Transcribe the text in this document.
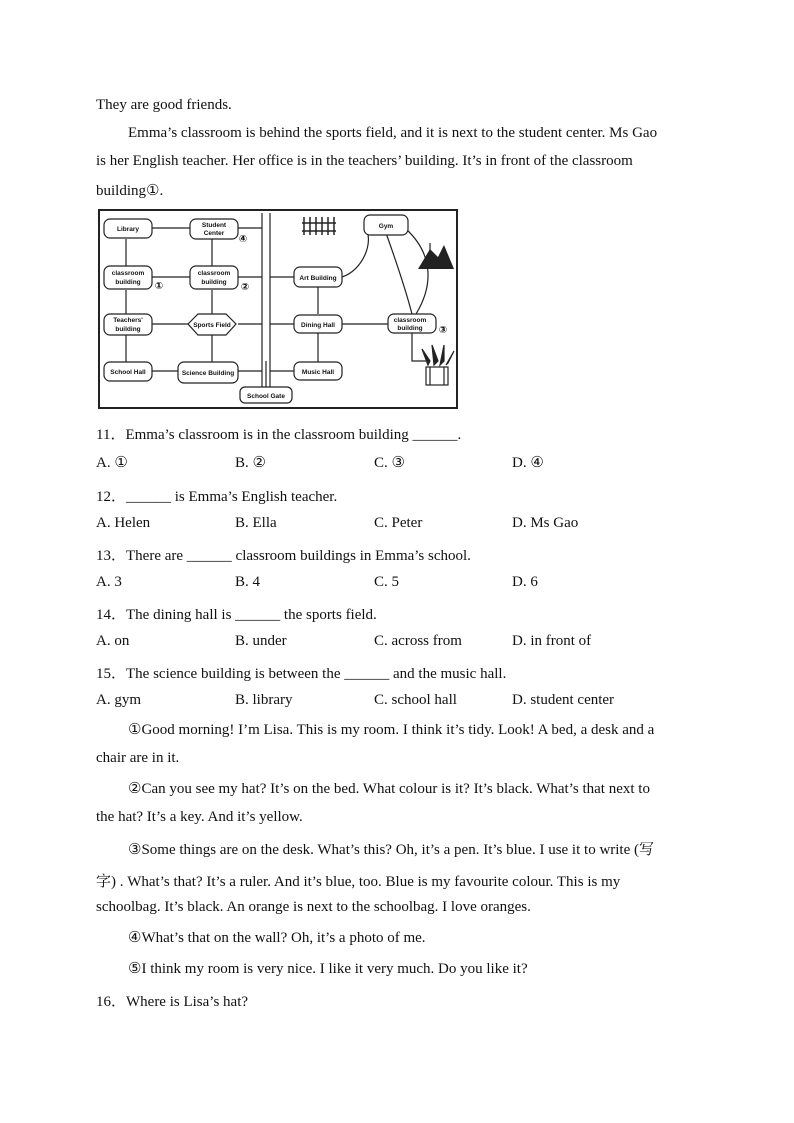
They are good friends.
Emma’s classroom is behind the sports field, and it is next to the student center. Ms Gao
is her English teacher. Her office is in the teachers’ building. It’s in front of the classroom
building①.
Library
Student
Center
classroom
building
classroom
building
Teachers'
building
Sports Field
School Hall	Science Building
School Gate
Art Building
Dining Hall
Music Hall
Gym
classroom
building
①	②
③
④
11．Emma’s classroom is in the classroom building ______.
A. ①	B. ②	C. ③	D. ④
12．______ is Emma’s English teacher.
A. Helen	B. Ella	C. Peter	D. Ms Gao
13．There are ______ classroom buildings in Emma’s school.
A. 3	B. 4	C. 5	D. 6
14．The dining hall is ______ the sports field.
A. on	B. under	C. across from	D. in front of
15．The science building is between the ______ and the music hall.
A. gym	B. library	C. school hall	D. student center
①Good morning! I’m Lisa. This is my room. I think it’s tidy. Look! A bed, a desk and a
chair are in it.
②Can you see my hat? It’s on the bed. What colour is it? It’s black. What’s that next to
the hat? It’s a key. And it’s yellow.
③Some things are on the desk. What’s this? Oh, it’s a pen. It’s blue. I use it to write (写
字) . What’s that? It’s a ruler. And it’s blue, too. Blue is my favourite colour. This is my
schoolbag. It’s black. An orange is next to the schoolbag. I love oranges.
④What’s that on the wall? Oh, it’s a photo of me.
⑤I think my room is very nice. I like it very much. Do you like it?
16．Where is Lisa’s hat?
